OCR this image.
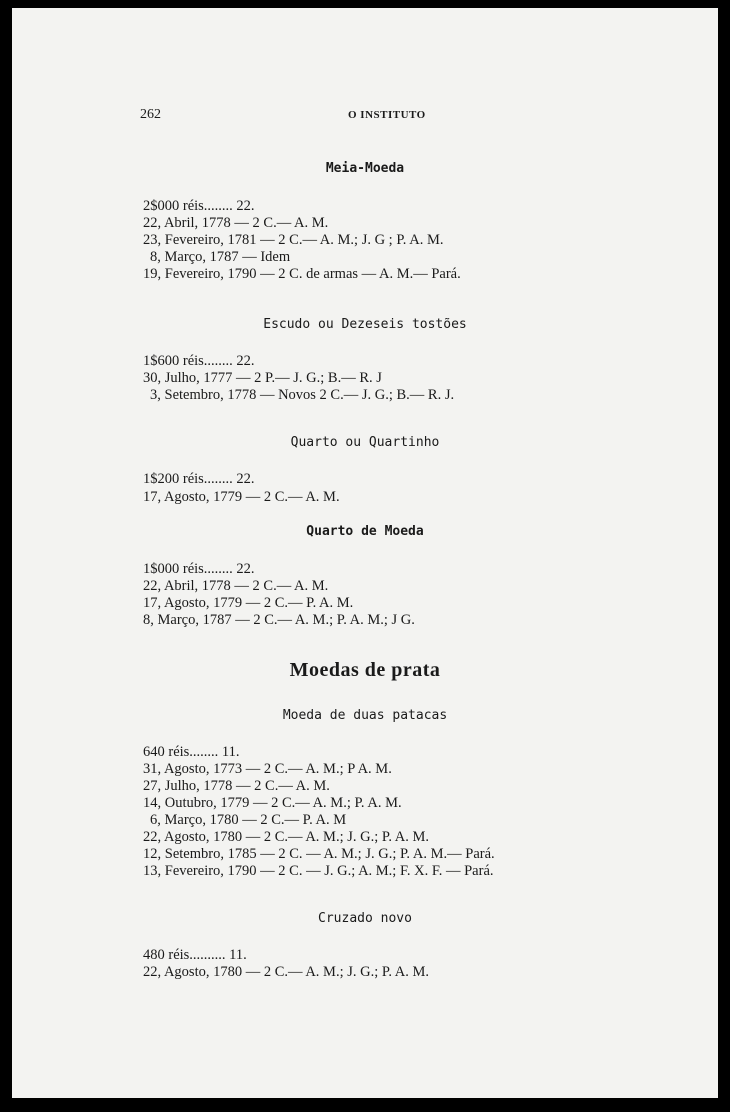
262	O INSTITUTO
Meia-Moeda
2$000 réis........ 22.
22, Abril, 1778 — 2 C.— A. M.
23, Fevereiro, 1781 — 2 C.— A. M.; J. G ; P. A. M.
8, Março, 1787 — Idem
19, Fevereiro, 1790 — 2 C. de armas — A. M.— Pará.
Escudo ou Dezeseis tostões
1$600 réis........ 22.
30, Julho, 1777 — 2 P.— J. G.; B.— R. J
3, Setembro, 1778 — Novos 2 C.— J. G.; B.— R. J.
Quarto ou Quartinho
1$200 réis........ 22.
17, Agosto, 1779 — 2 C.— A. M.
Quarto de Moeda
1$000 réis........ 22.
22, Abril, 1778 — 2 C.— A. M.
17, Agosto, 1779 — 2 C.— P. A. M.
8, Março, 1787 — 2 C.— A. M.; P. A. M.; J G.
Moedas de prata
Moeda de duas patacas
640 réis........ 11.
31, Agosto, 1773 — 2 C.— A. M.; P A. M.
27, Julho, 1778 — 2 C.— A. M.
14, Outubro, 1779 — 2 C.— A. M.; P. A. M.
6, Março, 1780 — 2 C.— P. A. M
22, Agosto, 1780 — 2 C.— A. M.; J. G.; P. A. M.
12, Setembro, 1785 — 2 C. — A. M.; J. G.; P. A. M.— Pará.
13, Fevereiro, 1790 — 2 C. — J. G.; A. M.; F. X. F. — Pará.
Cruzado novo
480 réis.......... 11.
22, Agosto, 1780 — 2 C.— A. M.; J. G.; P. A. M.
